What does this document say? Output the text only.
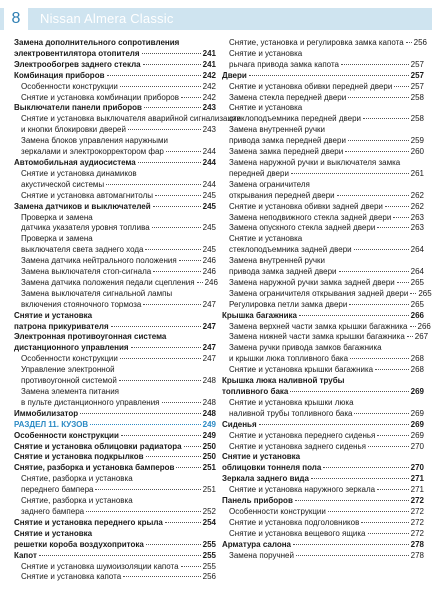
8	Nissan Almera Classic
Замена дополнительного сопротивления
электровентилятора отопителя	241
Электрообогрев заднего стекла	241
Комбинация приборов	242
Особенности конструкции	242
Снятие и установка комбинации приборов	242
Выключатели панели приборов	243
Снятие и установка выключателя аварийной сигнализации
и кнопки блокировки дверей	243
Замена блоков управления наружными
зеркалами и электрокорректором фар	244
Автомобильная аудиосистема	244
Снятие и установка динамиков
акустической системы	244
Снятие и установка автомагнитолы	245
Замена датчиков и выключателей	245
Проверка и замена
датчика указателя уровня топлива	245
Проверка и замена
выключателя света заднего хода	245
Замена датчика нейтрального положения	246
Замена выключателя стоп-сигнала	246
Замена датчика положения педали сцепления 246
Замена выключателя сигнальной лампы
включения стояночного тормоза	247
Снятие и установка
патрона прикуривателя	247
Электронная противоугонная система
дистанционного управления	247
Особенности конструкции	247
Управление электронной
противоугонной системой	248
Замена элемента питания
в пульте дистанционного управления	248
Иммобилизатор	248
РАЗДЕЛ 11. КУЗОВ	249
Особенности конструкции	249
Снятие и установка облицовки радиатора	250
Снятие и установка подкрылков	250
Снятие, разборка и установка бамперов	251
Снятие, разборка и установка
переднего бампера	251
Снятие, разборка и установка
заднего бампера	252
Снятие и установка переднего крыла	254
Снятие и установка
решетки короба воздухопритока	255
Капот	255
Снятие и установка шумоизоляции капота	255
Снятие и установка капота	256
Снятие, установка и регулировка замка капота 256
Снятие и установка
рычага привода замка капота	257
Двери	257
Снятие и установка обивки передней двери 257
Замена стекла передней двери	258
Снятие и установка
стеклоподъемника передней двери	258
Замена внутренней ручки
привода замка передней двери	259
Замена замка передней двери	260
Замена наружной ручки и выключателя замка
передней двери	261
Замена ограничителя
открывания передней двери	262
Снятие и установка обивки задней двери	262
Замена неподвижного стекла задней двери 263
Замена опускного стекла задней двери	263
Снятие и установка
стеклоподъемника задней двери	264
Замена внутренней ручки
привода замка задней двери	264
Замена наружной ручки замка задней двери 265
Замена ограничителя открывания задней двери 265
Регулировка петли замка двери	265
Крышка багажника	266
Замена верхней части замка крышки багажника 266
Замена нижней части замка крышки багажника 267
Замена ручки привода замков багажника
и крышки люка топливного бака	268
Снятие и установка крышки багажника	268
Крышка люка наливной трубы
топливного бака	269
Снятие и установка крышки люка
наливной трубы топливного бака	269
Сиденья	269
Снятие и установка переднего сиденья	269
Снятие и установка заднего сиденья	270
Снятие и установка
облицовки тоннеля пола	270
Зеркала заднего вида	271
Снятие и установка наружного зеркала	271
Панель приборов	272
Особенности конструкции	272
Снятие и установка подголовников	272
Снятие и установка вещевого ящика	272
Арматура салона	278
Замена поручней	278
